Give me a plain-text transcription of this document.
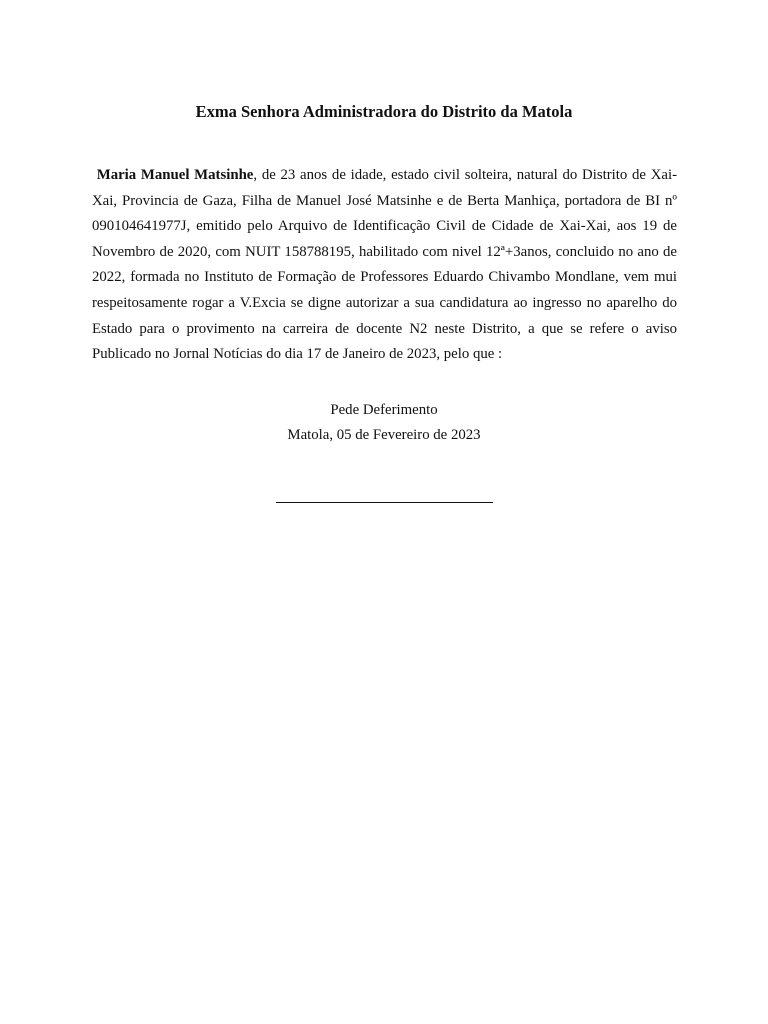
Exma Senhora Administradora do Distrito da Matola

Maria Manuel Matsinhe, de 23 anos de idade, estado civil solteira, natural do Distrito de Xai-Xai, Provincia de Gaza, Filha de Manuel José Matsinhe e de Berta Manhiça, portadora de BI nº 090104641977J, emitido pelo Arquivo de Identificação Civil de Cidade de Xai-Xai, aos 19 de Novembro de 2020, com NUIT 158788195, habilitado com nivel 12ª+3anos, concluido no ano de 2022, formada no Instituto de Formação de Professores Eduardo Chivambo Mondlane, vem mui respeitosamente rogar a V.Excia se digne autorizar a sua candidatura ao ingresso no aparelho do Estado para o provimento na carreira de docente N2 neste Distrito, a que se refere o aviso Publicado no Jornal Notícias do dia 17 de Janeiro de 2023, pelo que :

Pede Deferimento

Matola, 05 de Fevereiro de 2023
